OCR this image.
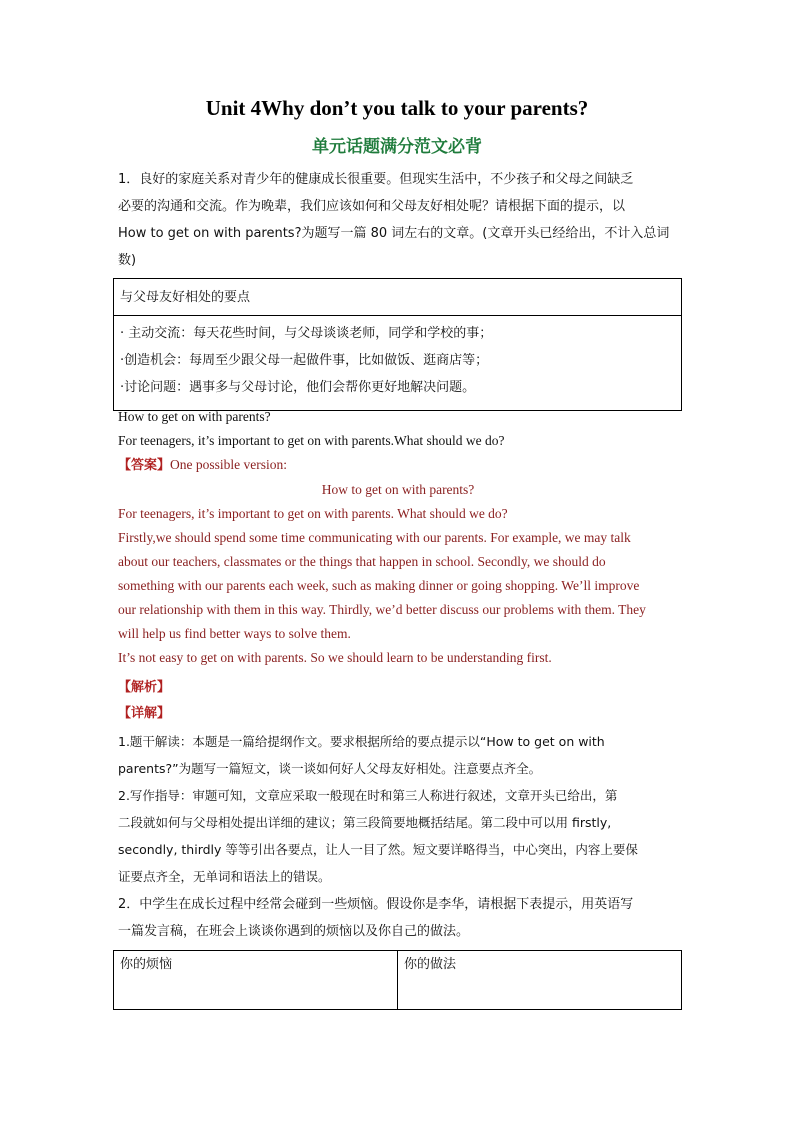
Unit 4Why don’t you talk to your parents?
单元话题满分范文必背
1．良好的家庭关系对青少年的健康成长很重要。但现实生活中，不少孩子和父母之间缺乏
必要的沟通和交流。作为晚辈，我们应该如何和父母友好相处呢？请根据下面的提示，以
How to get on with parents?为题写一篇 80 词左右的文章。(文章开头已经给出，不计入总词
数)
与父母友好相处的要点

· 主动交流：每天花些时间，与父母谈谈老师，同学和学校的事；
·创造机会：每周至少跟父母一起做件事，比如做饭、逛商店等；
·讨论问题：遇事多与父母讨论，他们会帮你更好地解决问题。
How to get on with parents?
For teenagers, it’s important to get on with parents.What should we do?
【答案】One possible version:
How to get on with parents?
For teenagers, it’s important to get on with parents. What should we do?
Firstly,we should spend some time communicating with our parents. For example, we may talk
about our teachers, classmates or the things that happen in school. Secondly, we should do
something with our parents each week, such as making dinner or going shopping. We’ll improve
our relationship with them in this way. Thirdly, we’d better discuss our problems with them. They
will help us find better ways to solve them.
It’s not easy to get on with parents. So we should learn to be understanding first.
【解析】
【详解】
1.题干解读：本题是一篇给提纲作文。要求根据所给的要点提示以“How to get on with
parents?”为题写一篇短文，谈一谈如何好人父母友好相处。注意要点齐全。
2.写作指导：审题可知，文章应采取一般现在时和第三人称进行叙述，文章开头已给出，第
二段就如何与父母相处提出详细的建议；第三段简要地概括结尾。第二段中可以用 firstly,
secondly, thirdly 等等引出各要点，让人一目了然。短文要详略得当，中心突出，内容上要保
证要点齐全，无单词和语法上的错误。
2．中学生在成长过程中经常会碰到一些烦恼。假设你是李华，请根据下表提示，用英语写
一篇发言稿，在班会上谈谈你遇到的烦恼以及你自己的做法。
你的烦恼	你的做法
